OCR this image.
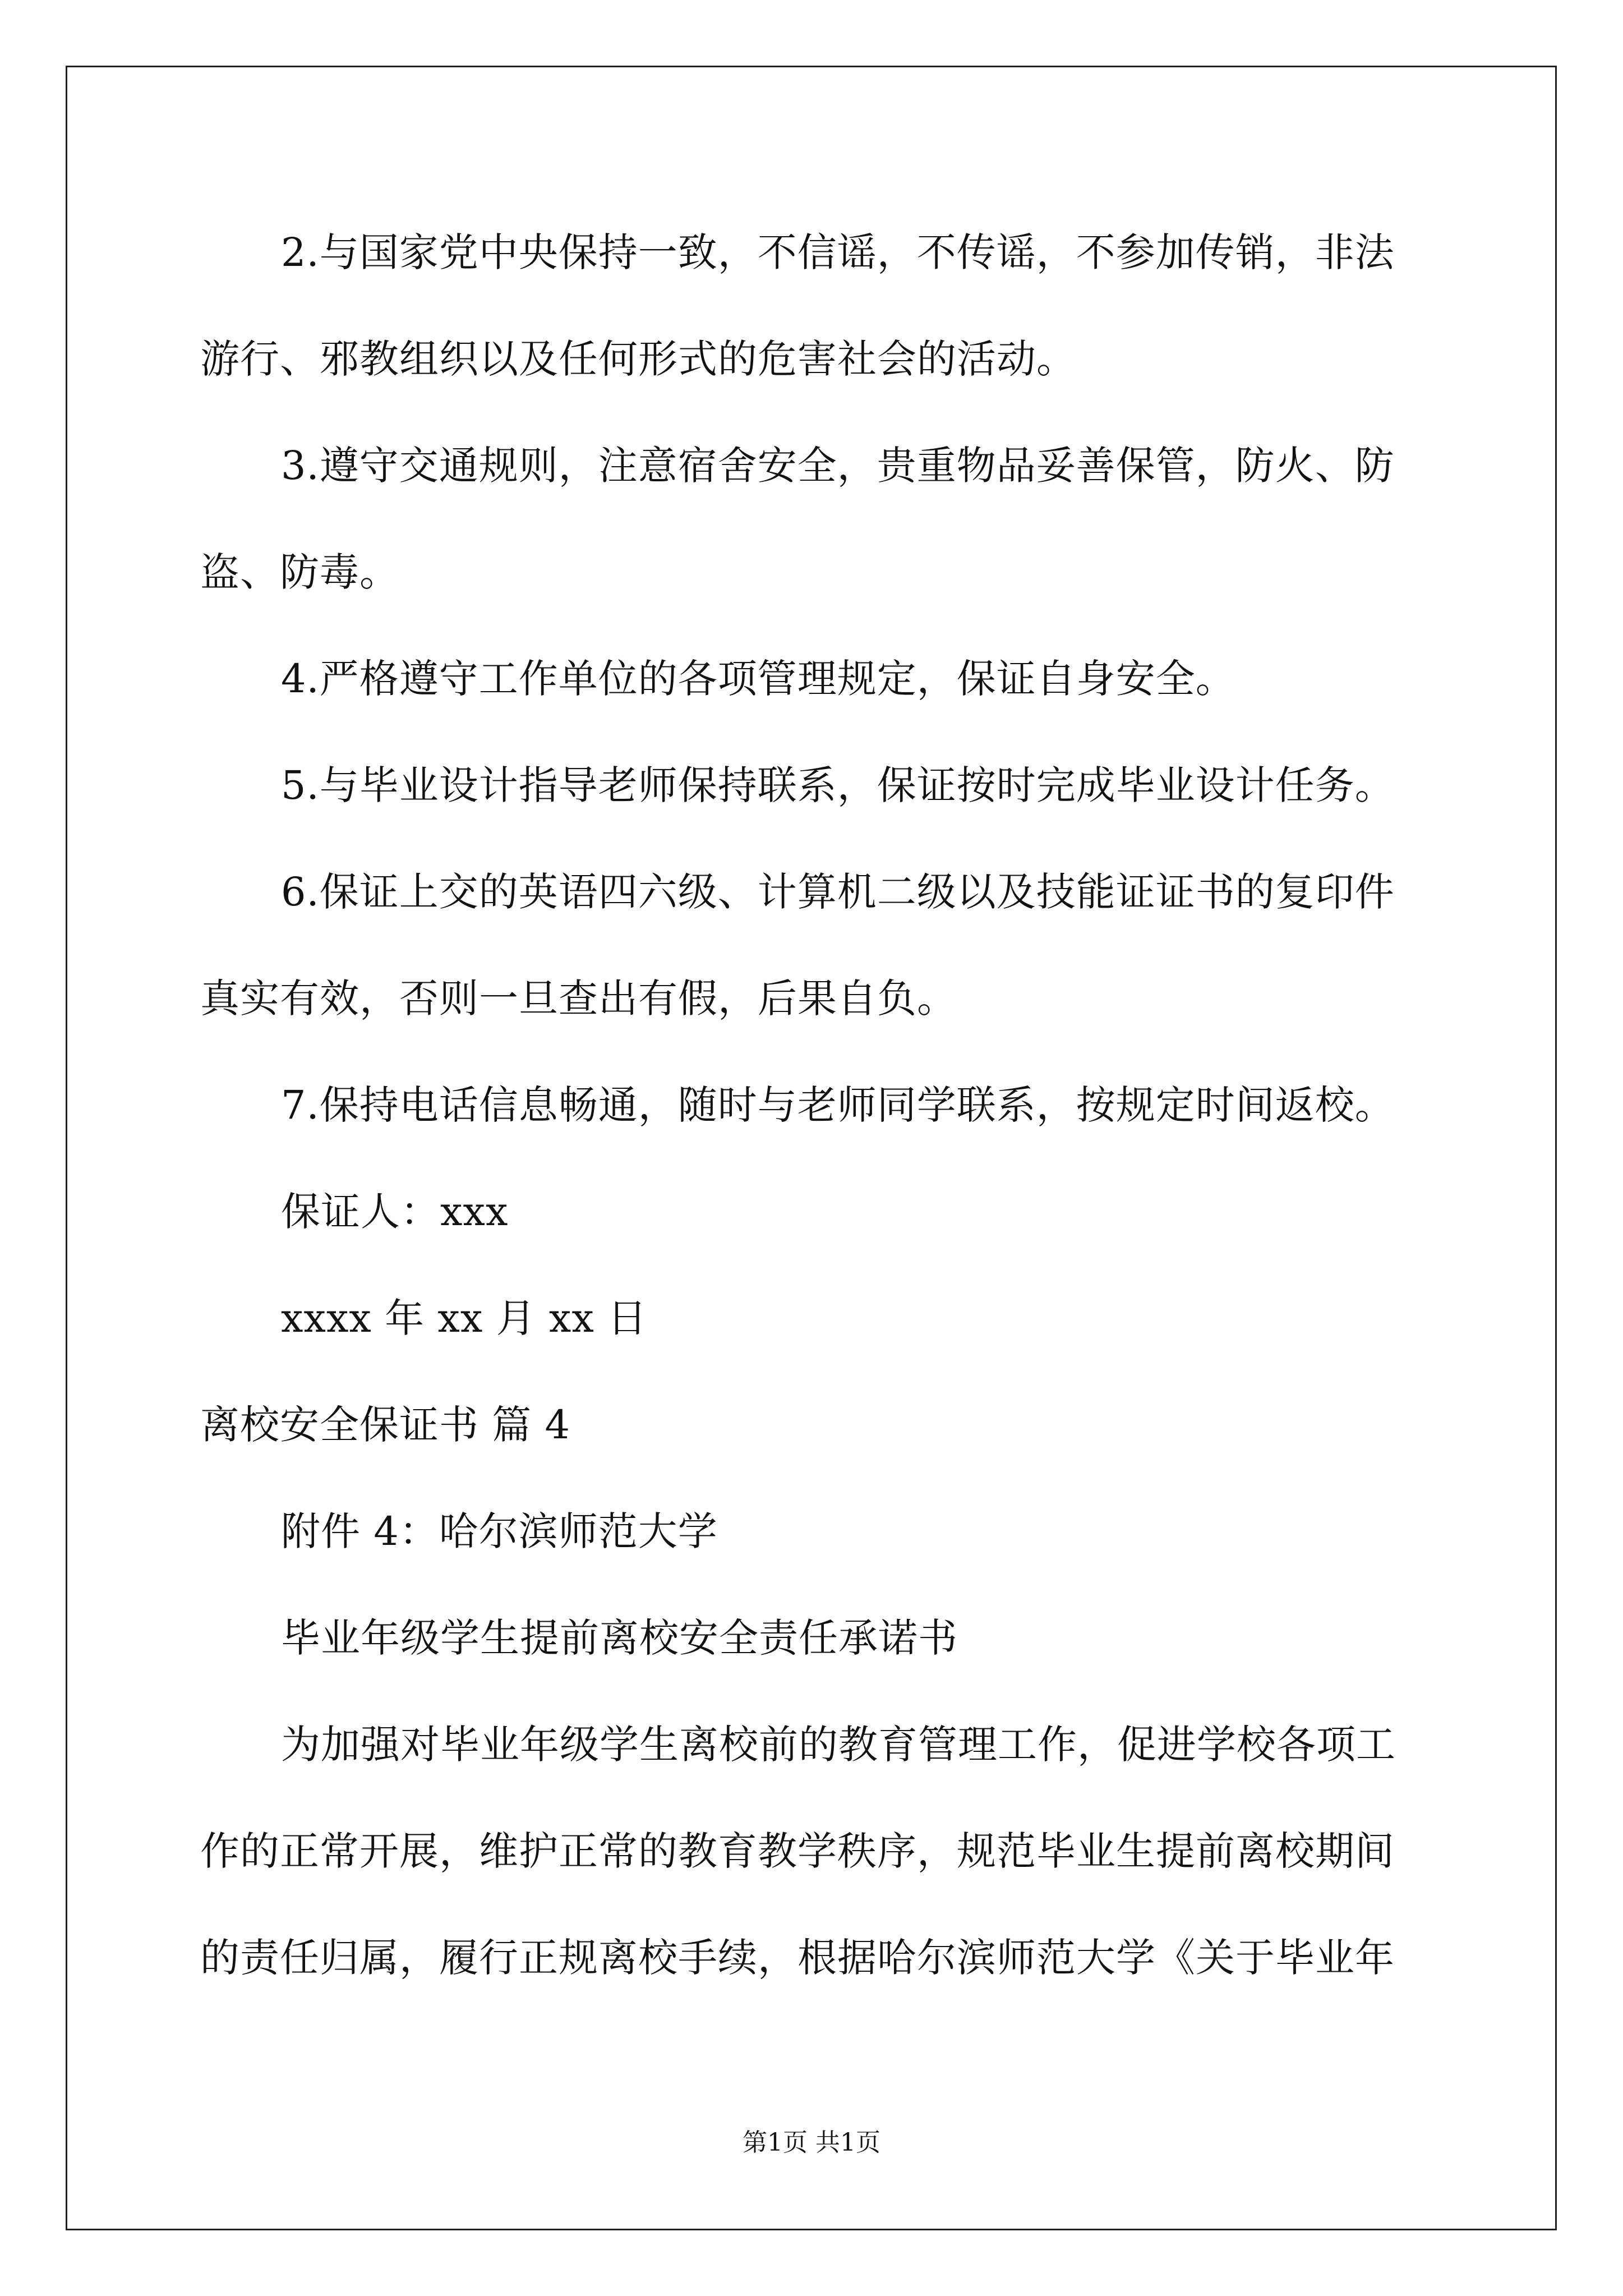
2.与国家党中央保持一致，不信谣，不传谣，不参加传销，非法
游行、邪教组织以及任何形式的危害社会的活动。
3.遵守交通规则，注意宿舍安全，贵重物品妥善保管，防火、防
盗、防毒。
4.严格遵守工作单位的各项管理规定，保证自身安全。
5.与毕业设计指导老师保持联系，保证按时完成毕业设计任务。
6.保证上交的英语四六级、计算机二级以及技能证证书的复印件
真实有效，否则一旦查出有假，后果自负。
7.保持电话信息畅通，随时与老师同学联系，按规定时间返校。
保证人：xxx
xxxx 年 xx 月 xx 日
离校安全保证书 篇 4
附件 4：哈尔滨师范大学
毕业年级学生提前离校安全责任承诺书
为加强对毕业年级学生离校前的教育管理工作，促进学校各项工
作的正常开展，维护正常的教育教学秩序，规范毕业生提前离校期间
的责任归属，履行正规离校手续，根据哈尔滨师范大学《关于毕业年
第1页 共1页
